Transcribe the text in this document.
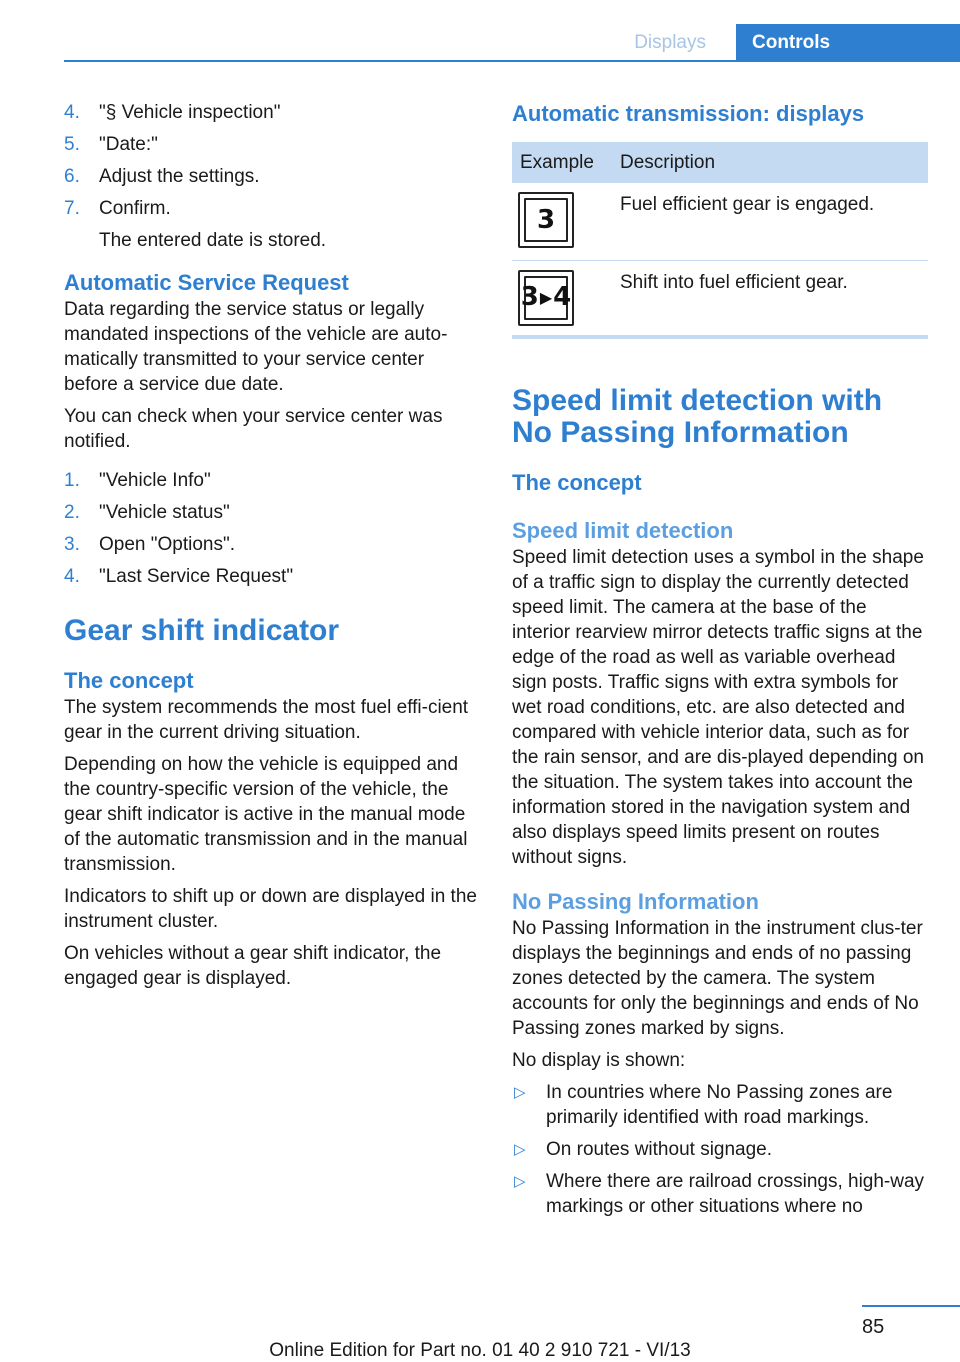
Displays	Controls
4. "§ Vehicle inspection"
5. "Date:"
6. Adjust the settings.
7. Confirm.
The entered date is stored.
Automatic Service Request

Data regarding the service status or legally mandated inspections of the vehicle are auto‐matically transmitted to your service center before a service due date.

You can check when your service center was notified.

1. "Vehicle Info"
2. "Vehicle status"
3. Open "Options".
4. "Last Service Request"
Gear shift indicator
The concept

The system recommends the most fuel effi‐cient gear in the current driving situation.

Depending on how the vehicle is equipped and the country-specific version of the vehicle, the gear shift indicator is active in the manual mode of the automatic transmission and in the manual transmission.

Indicators to shift up or down are displayed in the instrument cluster.

On vehicles without a gear shift indicator, the engaged gear is displayed.

Automatic transmission: displays
Example	Description

3	Fuel efficient gear is engaged.

3 ▶ 4	Shift into fuel efficient gear.
Speed limit detection with No Passing Information
The concept
Speed limit detection

Speed limit detection uses a symbol in the shape of a traffic sign to display the currently detected speed limit. The camera at the base of the interior rearview mirror detects traffic signs at the edge of the road as well as variable overhead sign posts. Traffic signs with extra symbols for wet road conditions, etc. are also detected and compared with vehicle interior data, such as for the rain sensor, and are dis‐played depending on the situation. The system takes into account the information stored in the navigation system and also displays speed limits present on routes without signs.

No Passing Information

No Passing Information in the instrument clus‐ter displays the beginnings and ends of no passing zones detected by the camera. The system accounts for only the beginnings and ends of No Passing zones marked by signs.

No display is shown:

▷ In countries where No Passing zones are primarily identified with road markings.
▷ On routes without signage.
▷ Where there are railroad crossings, high‐way markings or other situations where no
85
Online Edition for Part no. 01 40 2 910 721 - VI/13
